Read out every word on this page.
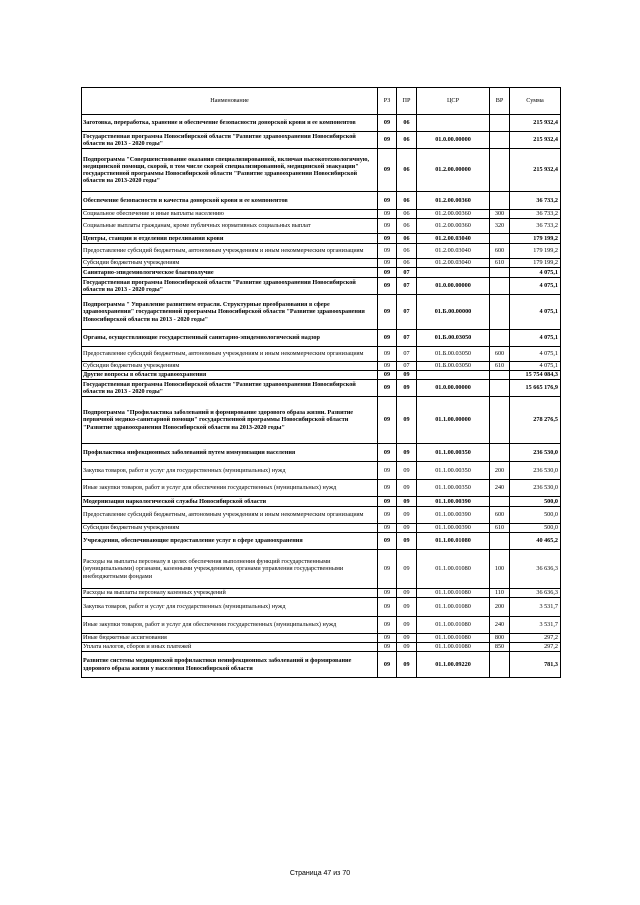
Наименование	РЗ	ПР	ЦСР	ВР	Сумма
Заготовка, переработка, хранение и обеспечение безопасности донорской крови и ее компонентов	09	06			215 932,4
Государственная программа Новосибирской области "Развитие здравоохранения Новосибирской области на 2013 - 2020 годы"	09	06	01.0.00.00000		215 932,4
Подпрограмма "Совершенствование оказания специализированной, включая высокотехнологичную, медицинской помощи, скорой, в том числе скорой специализированной, медицинской эвакуации" государственной программы Новосибирской области "Развитие здравоохранения Новосибирской области на 2013-2020 годы"	09	06	01.2.00.00000		215 932,4
Обеспечение безопасности и качества донорской крови и ее компонентов	09	06	01.2.00.00360		36 733,2
Социальное обеспечение и иные выплаты населению	09	06	01.2.00.00360	300	36 733,2
Социальные выплаты гражданам, кроме публичных нормативных социальных выплат	09	06	01.2.00.00360	320	36 733,2
Центры, станции и отделения переливания крови	09	06	01.2.00.03040		179 199,2
Предоставление субсидий бюджетным, автономным учреждениям и иным некоммерческим организациям	09	06	01.2.00.03040	600	179 199,2
Субсидии бюджетным учреждениям	09	06	01.2.00.03040	610	179 199,2
Санитарно-эпидемиологическое благополучие	09	07			4 075,1
Государственная программа Новосибирской области "Развитие здравоохранения Новосибирской области на 2013 - 2020 годы"	09	07	01.0.00.00000		4 075,1
Подпрограмма " Управление развитием отрасли. Структурные преобразования в сфере здравоохранения" государственной программы Новосибирской области "Развитие здравоохранения Новосибирской области на 2013 - 2020 годы"	09	07	01.Б.00.00000		4 075,1
Органы, осуществляющие государственный санитарно-эпидемиологический надзор	09	07	01.Б.00.03050		4 075,1
Предоставление субсидий бюджетным, автономным учреждениям и иным некоммерческим организациям	09	07	01.Б.00.03050	600	4 075,1
Субсидии бюджетным учреждениям	09	07	01.Б.00.03050	610	4 075,1
Другие вопросы в области здравоохранения	09	09			15 754 084,3
Государственная программа Новосибирской области "Развитие здравоохранения Новосибирской области на 2013 - 2020 годы"	09	09	01.0.00.00000		15 665 176,9
Подпрограмма "Профилактика заболеваний и формирование здорового образа жизни. Развитие первичной медико-санитарной помощи" государственной программы Новосибирской области "Развитие здравоохранения Новосибирской области на 2013-2020 годы"	09	09	01.1.00.00000		278 276,5
Профилактика инфекционных заболеваний путем иммунизации населения	09	09	01.1.00.00350		236 530,0
Закупка товаров, работ и услуг для государственных (муниципальных) нужд	09	09	01.1.00.00350	200	236 530,0
Иные закупки товаров, работ и услуг для обеспечения государственных (муниципальных) нужд	09	09	01.1.00.00350	240	236 530,0
Модернизация наркологической службы Новосибирской области	09	09	01.1.00.00390		500,0
Предоставление субсидий бюджетным, автономным учреждениям и иным некоммерческим организациям	09	09	01.1.00.00390	600	500,0
Субсидии бюджетным учреждениям	09	09	01.1.00.00390	610	500,0
Учреждения, обеспечивающие предоставление услуг в сфере здравоохранения	09	09	01.1.00.01080		40 465,2
Расходы на выплаты персоналу в целях обеспечения выполнения функций государственными (муниципальными) органами, казенными учреждениями, органами управления государственными внебюджетными фондами	09	09	01.1.00.01080	100	36 636,3
Расходы на выплаты персоналу казенных учреждений	09	09	01.1.00.01080	110	36 636,3
Закупка товаров, работ и услуг для государственных (муниципальных) нужд	09	09	01.1.00.01080	200	3 531,7
Иные закупки товаров, работ и услуг для обеспечения государственных (муниципальных) нужд	09	09	01.1.00.01080	240	3 531,7
Иные бюджетные ассигнования	09	09	01.1.00.01080	800	297,2
Уплата налогов, сборов и иных платежей	09	09	01.1.00.01080	850	297,2
Развитие системы медицинской профилактики неинфекционных заболеваний и формирование здорового образа жизни у населения Новосибирской области	09	09	01.1.00.09220		781,3
Страница 47 из 70
